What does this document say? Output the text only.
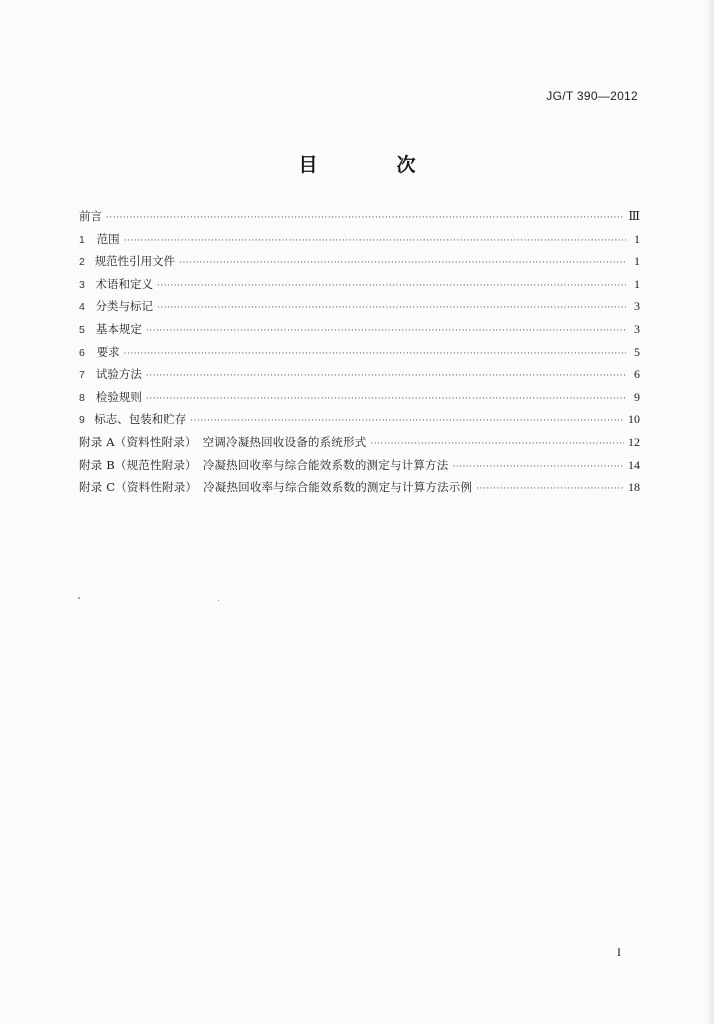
JG/T 390—2012
目　次
前言 ·····	Ⅲ
1	范围 ·····	1
2 规范性引用文件 ·····	1
3 术语和定义 ·····	1
4 分类与标记 ·····	3
5 基本规定 ·····	3
6	要求 ·····	5
7 试验方法 ·····	6
8 检验规则 ·····	9
9 标志、包装和贮存 ·····	10
附录 A（资料性附录）　空调冷凝热回收设备的系统形式 ·····	12
附录 B（规范性附录）　冷凝热回收率与综合能效系数的测定与计算方法 ·····	14
附录 C（资料性附录）　冷凝热回收率与综合能效系数的测定与计算方法示例 ·····	18
I
